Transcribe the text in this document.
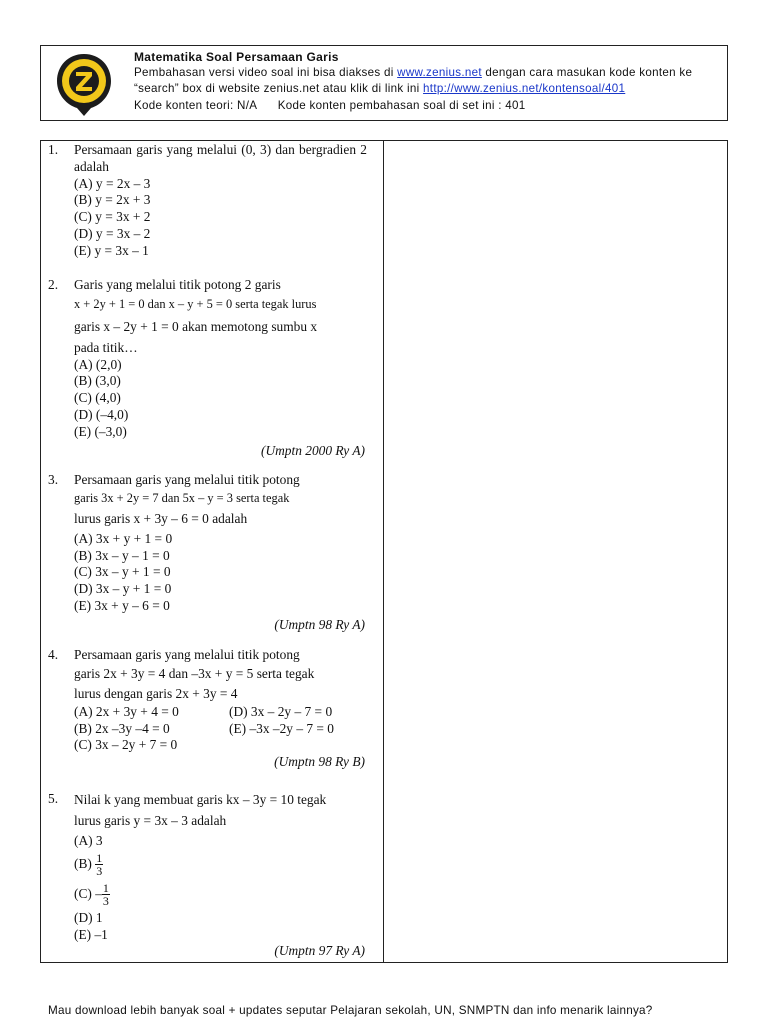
Matematika Soal Persamaan Garis
Pembahasan versi video soal ini bisa diakses di www.zenius.net dengan cara masukan kode konten ke
“search” box di website zenius.net atau klik di link ini http://www.zenius.net/kontensoal/401
Kode konten teori: N/A      Kode konten pembahasan soal di set ini : 401
1. Persamaan garis yang melalui (0, 3) dan bergradien 2 adalah
(A) y = 2x – 3
(B) y = 2x + 3
(C) y = 3x + 2
(D) y = 3x – 2
(E) y = 3x – 1
2. Garis yang melalui titik potong 2 garis
x + 2y + 1 = 0 dan x – y + 5 = 0 serta tegak lurus
garis x – 2y + 1 = 0 akan memotong sumbu x
pada titik…
(A) (2,0)
(B) (3,0)
(C) (4,0)
(D) (–4,0)
(E) (–3,0)
(Umptn 2000 Ry A)
3. Persamaan garis yang melalui titik potong
garis 3x + 2y = 7 dan 5x – y = 3 serta tegak
lurus garis x + 3y – 6 = 0 adalah
(A) 3x + y + 1 = 0
(B) 3x – y – 1 = 0
(C) 3x – y + 1 = 0
(D) 3x – y + 1 = 0
(E) 3x + y – 6 = 0
(Umptn 98 Ry A)
4. Persamaan garis yang melalui titik potong
garis 2x + 3y = 4 dan –3x + y = 5 serta tegak
lurus dengan garis 2x + 3y = 4
(A) 2x + 3y + 4 = 0	(D) 3x – 2y – 7 = 0
(B) 2x –3y –4 = 0	(E) –3x –2y – 7 = 0
(C) 3x – 2y + 7 = 0
(Umptn 98 Ry B)
5. Nilai k yang membuat garis kx – 3y = 10 tegak
lurus garis y = 3x – 3 adalah
(A) 3
(B)
$\frac{1}{3}$
(C)
– $\frac{1}{3}$
(D) 1
(E) –1
(Umptn 97 Ry A)
Mau download lebih banyak soal + updates seputar Pelajaran sekolah, UN, SNMPTN dan info menarik lainnya?
